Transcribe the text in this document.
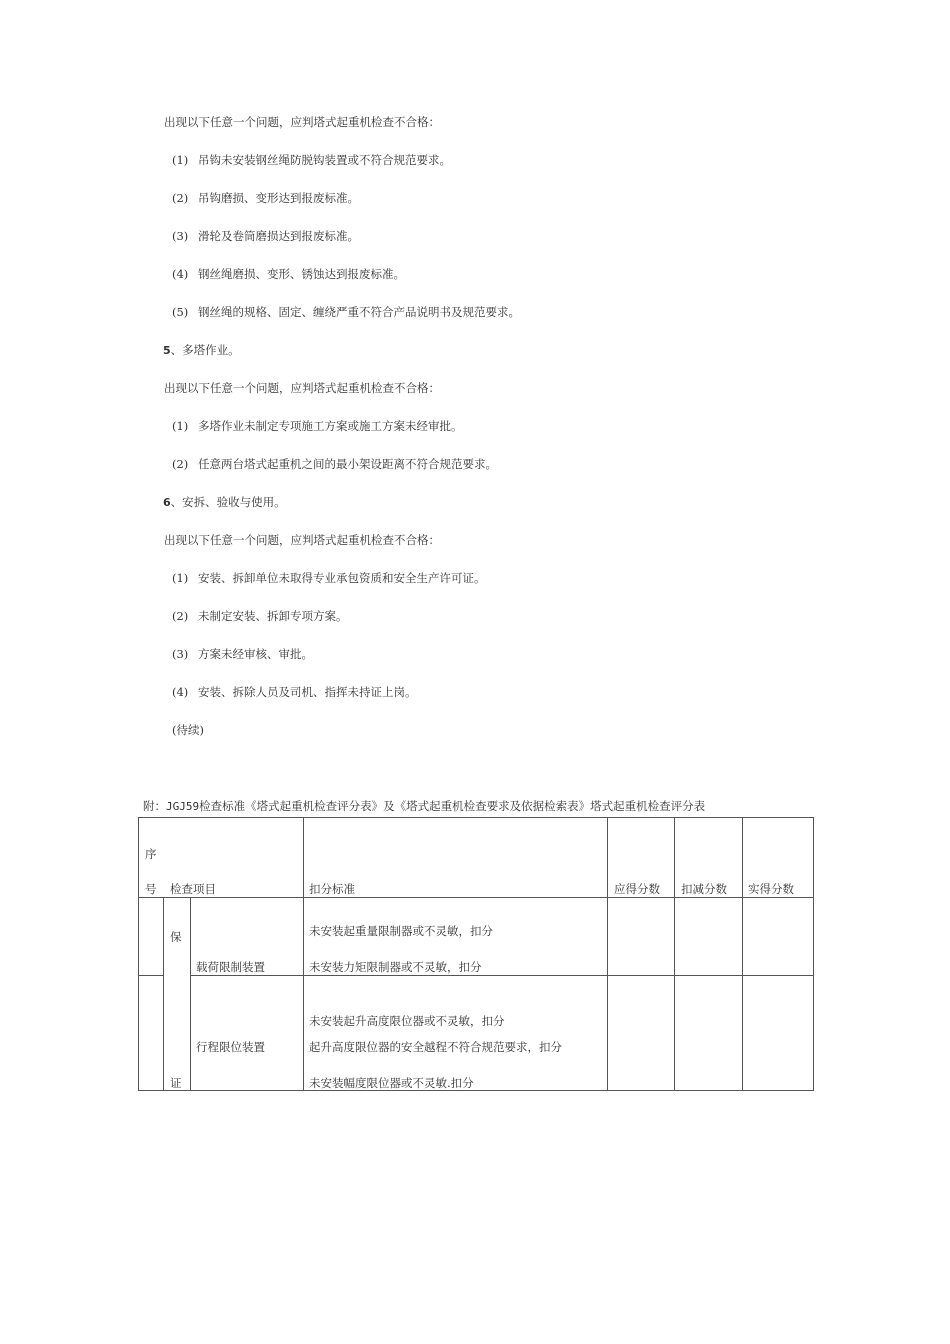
出现以下任意一个问题，应判塔式起重机检查不合格：
(1) 吊钩未安装钢丝绳防脱钩装置或不符合规范要求。
(2) 吊钩磨损、变形达到报废标准。
(3) 滑轮及卷筒磨损达到报废标准。
(4) 钢丝绳磨损、变形、锈蚀达到报废标准。
(5) 钢丝绳的规格、固定、缠绕严重不符合产品说明书及规范要求。
5、多塔作业。
出现以下任意一个问题，应判塔式起重机检查不合格：
(1) 多塔作业未制定专项施工方案或施工方案未经审批。
(2) 任意两台塔式起重机之间的最小架设距离不符合规范要求。
6、安拆、验收与使用。
出现以下任意一个问题，应判塔式起重机检查不合格：
(1) 安装、拆卸单位未取得专业承包资质和安全生产许可证。
(2) 未制定安装、拆卸专项方案。
(3) 方案未经审核、审批。
(4) 安装、拆除人员及司机、指挥未持证上岗。
(待续)
附：JGJ59检查标准《塔式起重机检查评分表》及《塔式起重机检查要求及依据检索表》塔式起重机检查评分表
序
号 检查项目	扣分标准	应得分数 扣减分数 实得分数
保
证
载荷限制装置
未安装起重量限制器或不灵敏，扣分
未安装力矩限制器或不灵敏，扣分
行程限位装置
未安装起升高度限位器或不灵敏，扣分
起升高度限位器的安全越程不符合规范要求，扣分
未安装幅度限位器或不灵敏.扣分
